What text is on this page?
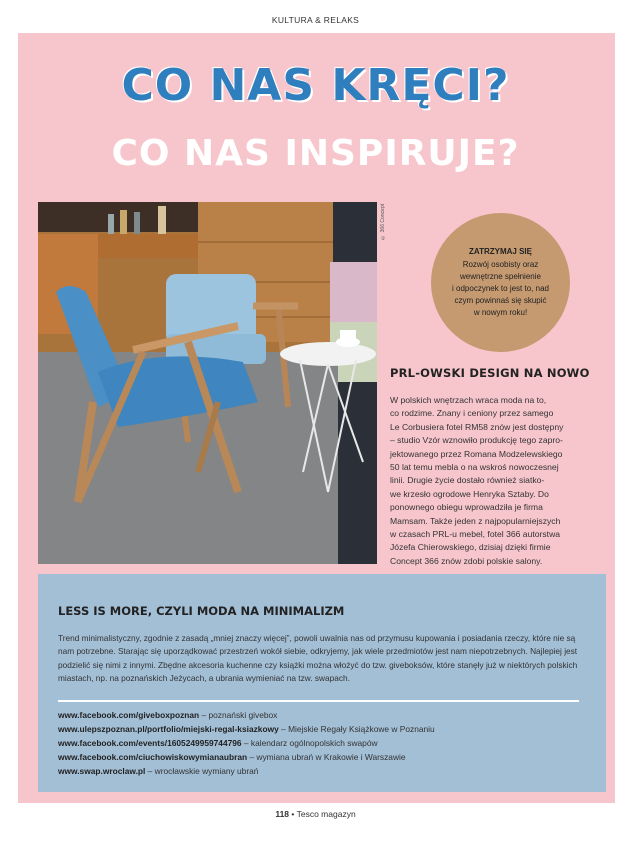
KULTURA & RELAKS
CO NAS KRĘCI?
CO NAS INSPIRUJE?
© 366 Concept
ZATRZYMAJ SIĘ
Rozwój osobisty oraz
wewnętrzne spełnienie
i odpoczynek to jest to, nad
czym powinnaś się skupić
w nowym roku!
PRL-OWSKI DESIGN NA NOWO
W polskich wnętrzach wraca moda na to,
co rodzime. Znany i ceniony przez samego
Le Corbusiera fotel RM58 znów jest dostępny
– studio Vzór wznowiło produkcję tego zapro-
jektowanego przez Romana Modzelewskiego
50 lat temu mebla o na wskroś nowoczesnej
linii. Drugie życie dostało również siatko-
we krzesło ogrodowe Henryka Sztaby. Do
ponownego obiegu wprowadziła je firma
Mamsam. Także jeden z najpopularniejszych
w czasach PRL-u mebel, fotel 366 autorstwa
Józefa Chierowskiego, dzisiaj dzięki firmie
Concept 366 znów zdobi polskie salony.
LESS IS MORE, CZYLI MODA NA MINIMALIZM
Trend minimalistyczny, zgodnie z zasadą „mniej znaczy więcej”, powoli uwalnia nas od przymusu kupowania i posiadania rzeczy, które nie są nam potrzebne. Starając się uporządkować przestrzeń wokół siebie, odkryjemy, jak wiele przedmiotów jest nam niepotrzebnych. Najlepiej jest podzielić się nimi z innymi. Zbędne akcesoria kuchenne czy książki można włożyć do tzw. giveboksów, które stanęły już w niektórych polskich miastach, np. na poznańskich Jeżycach, a ubrania wymieniać na tzw. swapach.
www.facebook.com/giveboxpoznan – poznański givebox
www.ulepszpoznan.pl/portfolio/miejski-regal-ksiazkowy – Miejskie Regały Książkowe w Poznaniu
www.facebook.com/events/1605249959744796 – kalendarz ogólnopolskich swapów
www.facebook.com/ciuchowiskowymianaubran – wymiana ubrań w Krakowie i Warszawie
www.swap.wroclaw.pl – wrocławskie wymiany ubrań
118 • Tesco magazyn
